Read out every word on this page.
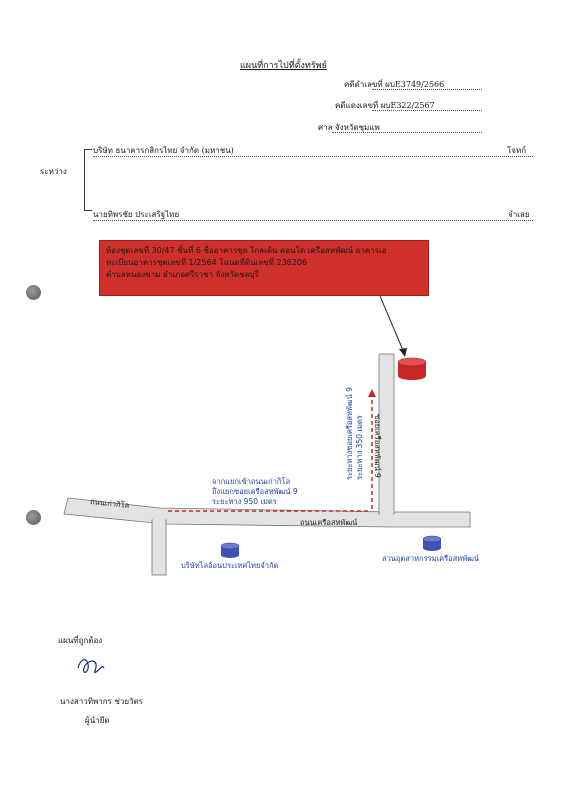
แผนที่การไปที่ตั้งทรัพย์
คดีดำเลขที่ ผบE3749/2566
คดีแดงเลขที่ ผบE322/2567
ศาล จังหวัดชุมแพ
บริษัท ธนาคารกสิกรไทย จำกัด (มหาชน)	โจทก์
ระหว่าง
นายทิพรชัย ประเสริฐไทย	จำเลย
ห้องชุดเลขที่ 30/47 ชั้นที่ 6 ชื่ออาคารชุด ไกลเด้น คอนโด เครือสหพัฒน์ อาคารเอ
ทะเบียนอาคารชุดเลขที่ 1/2564 โฉนดที่ดินเลขที่ 236206
ตำบลหนองขาม อำเภอศรีราชา จังหวัดชลบุรี
ถนนเก่ากิโล
ถนนเครือสหพัฒน์
ซอยเครือสหพัฒน์ 9
จากแยกเข้าถนนเก่ากิโล
ถึงแยกซอยเครือสหพัฒน์ 9
ระยะทาง 950 เมตร
ระยะทางซอยเครือสหพัฒน์ 9 ระยะทาง 350 เมตร
บริษัทไลอ้อนประเทศไทยจำกัด
สวนอุตสาหกรรมเครือสหพัฒน์
แผนที่ถูกต้อง
นางสาวทิพากร ช่วยวัตร
ผู้นำยึด
